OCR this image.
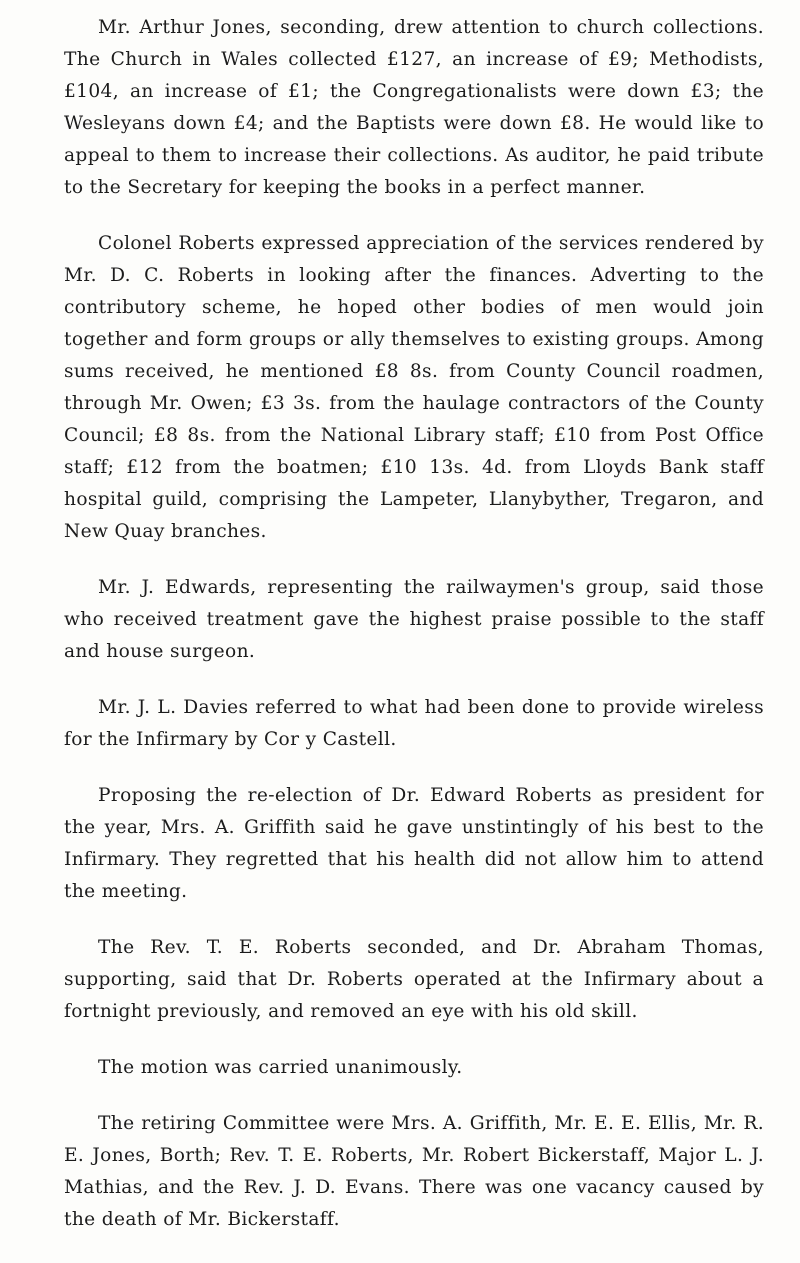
Mr. Arthur Jones, seconding, drew attention to church collections. The Church in Wales collected £127, an increase of £9; Methodists, £104, an increase of £1; the Congregationalists were down £3; the Wesleyans down £4; and the Baptists were down £8. He would like to appeal to them to increase their collections. As auditor, he paid tribute to the Secretary for keeping the books in a perfect manner.

Colonel Roberts expressed appreciation of the services rendered by Mr. D. C. Roberts in looking after the finances. Adverting to the contributory scheme, he hoped other bodies of men would join together and form groups or ally themselves to existing groups. Among sums received, he mentioned £8 8s. from County Council roadmen, through Mr. Owen; £3 3s. from the haulage contractors of the County Council; £8 8s. from the National Library staff; £10 from Post Office staff; £12 from the boatmen; £10 13s. 4d. from Lloyds Bank staff hospital guild, comprising the Lampeter, Llanybyther, Tregaron, and New Quay branches.

Mr. J. Edwards, representing the railwaymen's group, said those who received treatment gave the highest praise possible to the staff and house surgeon.

Mr. J. L. Davies referred to what had been done to provide wireless for the Infirmary by Cor y Castell.

Proposing the re-election of Dr. Edward Roberts as president for the year, Mrs. A. Griffith said he gave unstintingly of his best to the Infirmary. They regretted that his health did not allow him to attend the meeting.

The Rev. T. E. Roberts seconded, and Dr. Abraham Thomas, supporting, said that Dr. Roberts operated at the Infirmary about a fortnight previously, and removed an eye with his old skill.

The motion was carried unanimously.

The retiring Committee were Mrs. A. Griffith, Mr. E. E. Ellis, Mr. R. E. Jones, Borth; Rev. T. E. Roberts, Mr. Robert Bickerstaff, Major L. J. Mathias, and the Rev. J. D. Evans. There was one vacancy caused by the death of Mr. Bickerstaff.
